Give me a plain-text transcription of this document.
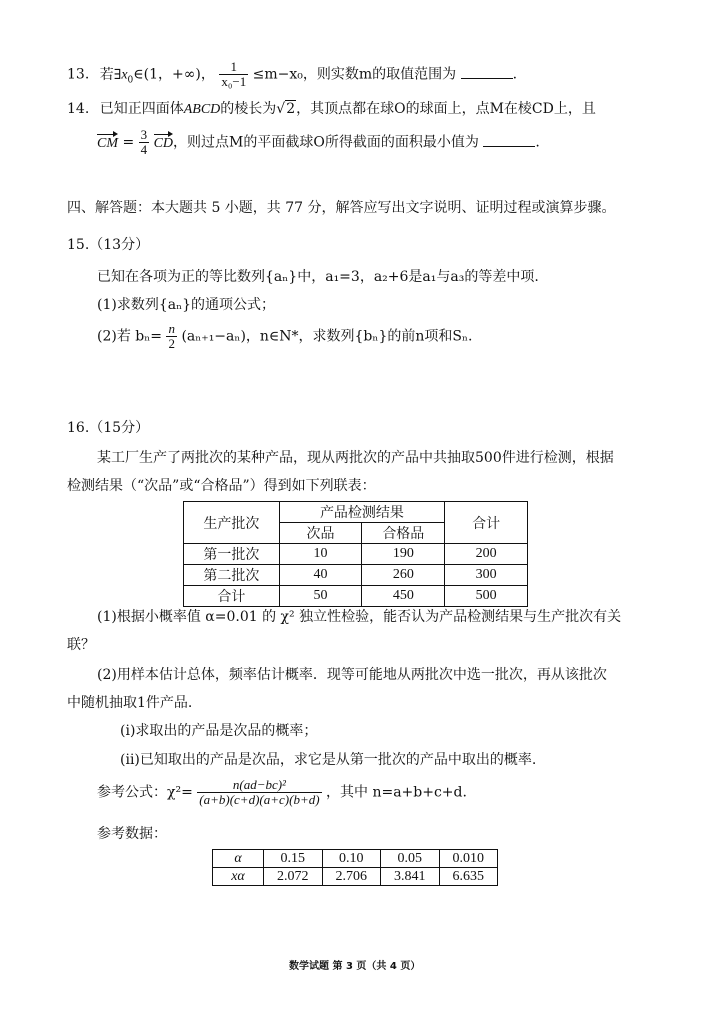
13. 若$\exists x_0\in(1$，+∞)， $\frac{1}{\text{x₀−1}} \le m-x_0$，则实数m的取值范围为	.
14. 已知正四面体ABCD的棱长为√2，其顶点都在球O的球面上，点M在棱CD上，且
CM = $\frac{3}{4}$ CD，则过点M的平面截球O所得截面的面积最小值为	.
四、解答题：本大题共 5 小题，共 77 分，解答应写出文字说明、证明过程或演算步骤。
15.（13分）
已知在各项为正的等比数列{aₙ}中，a₁=3，a₂+6是a₁与a₃的等差中项.
(1)求数列{aₙ}的通项公式；
(2)若 $b_n= \frac{n}{2} (a_{n+1}-a_n)$，n∈N*，求数列{bₙ}的前n项和Sₙ.
16.（15分）
某工厂生产了两批次的某种产品，现从两批次的产品中共抽取500件进行检测，根据
检测结果（“次品”或“合格品”）得到如下列联表：
生产批次	产品检测结果		合计
	次品	合格品	
第一批次	10	190	200
第二批次	40	260	300
合计	50	450	500
(1)根据小概率值 α=0.01 的 χ² 独立性检验，能否认为产品检测结果与生产批次有关
联？
(2)用样本估计总体，频率估计概率．现等可能地从两批次中选一批次，再从该批次
中随机抽取1件产品.
(ⅰ)求取出的产品是次品的概率；
(ⅱ)已知取出的产品是次品，求它是从第一批次的产品中取出的概率.
参考公式：$\chi^2= \frac{\text{n(ad−bc)²}}{(a+b)(c+d)(a+c)(b+d)}$ ，其中 n=a+b+c+d.
参考数据：
α	0.15	0.10	0.05	0.010
xα	2.072	2.706	3.841	6.635
数学试题 第 3 页（共 4 页）
